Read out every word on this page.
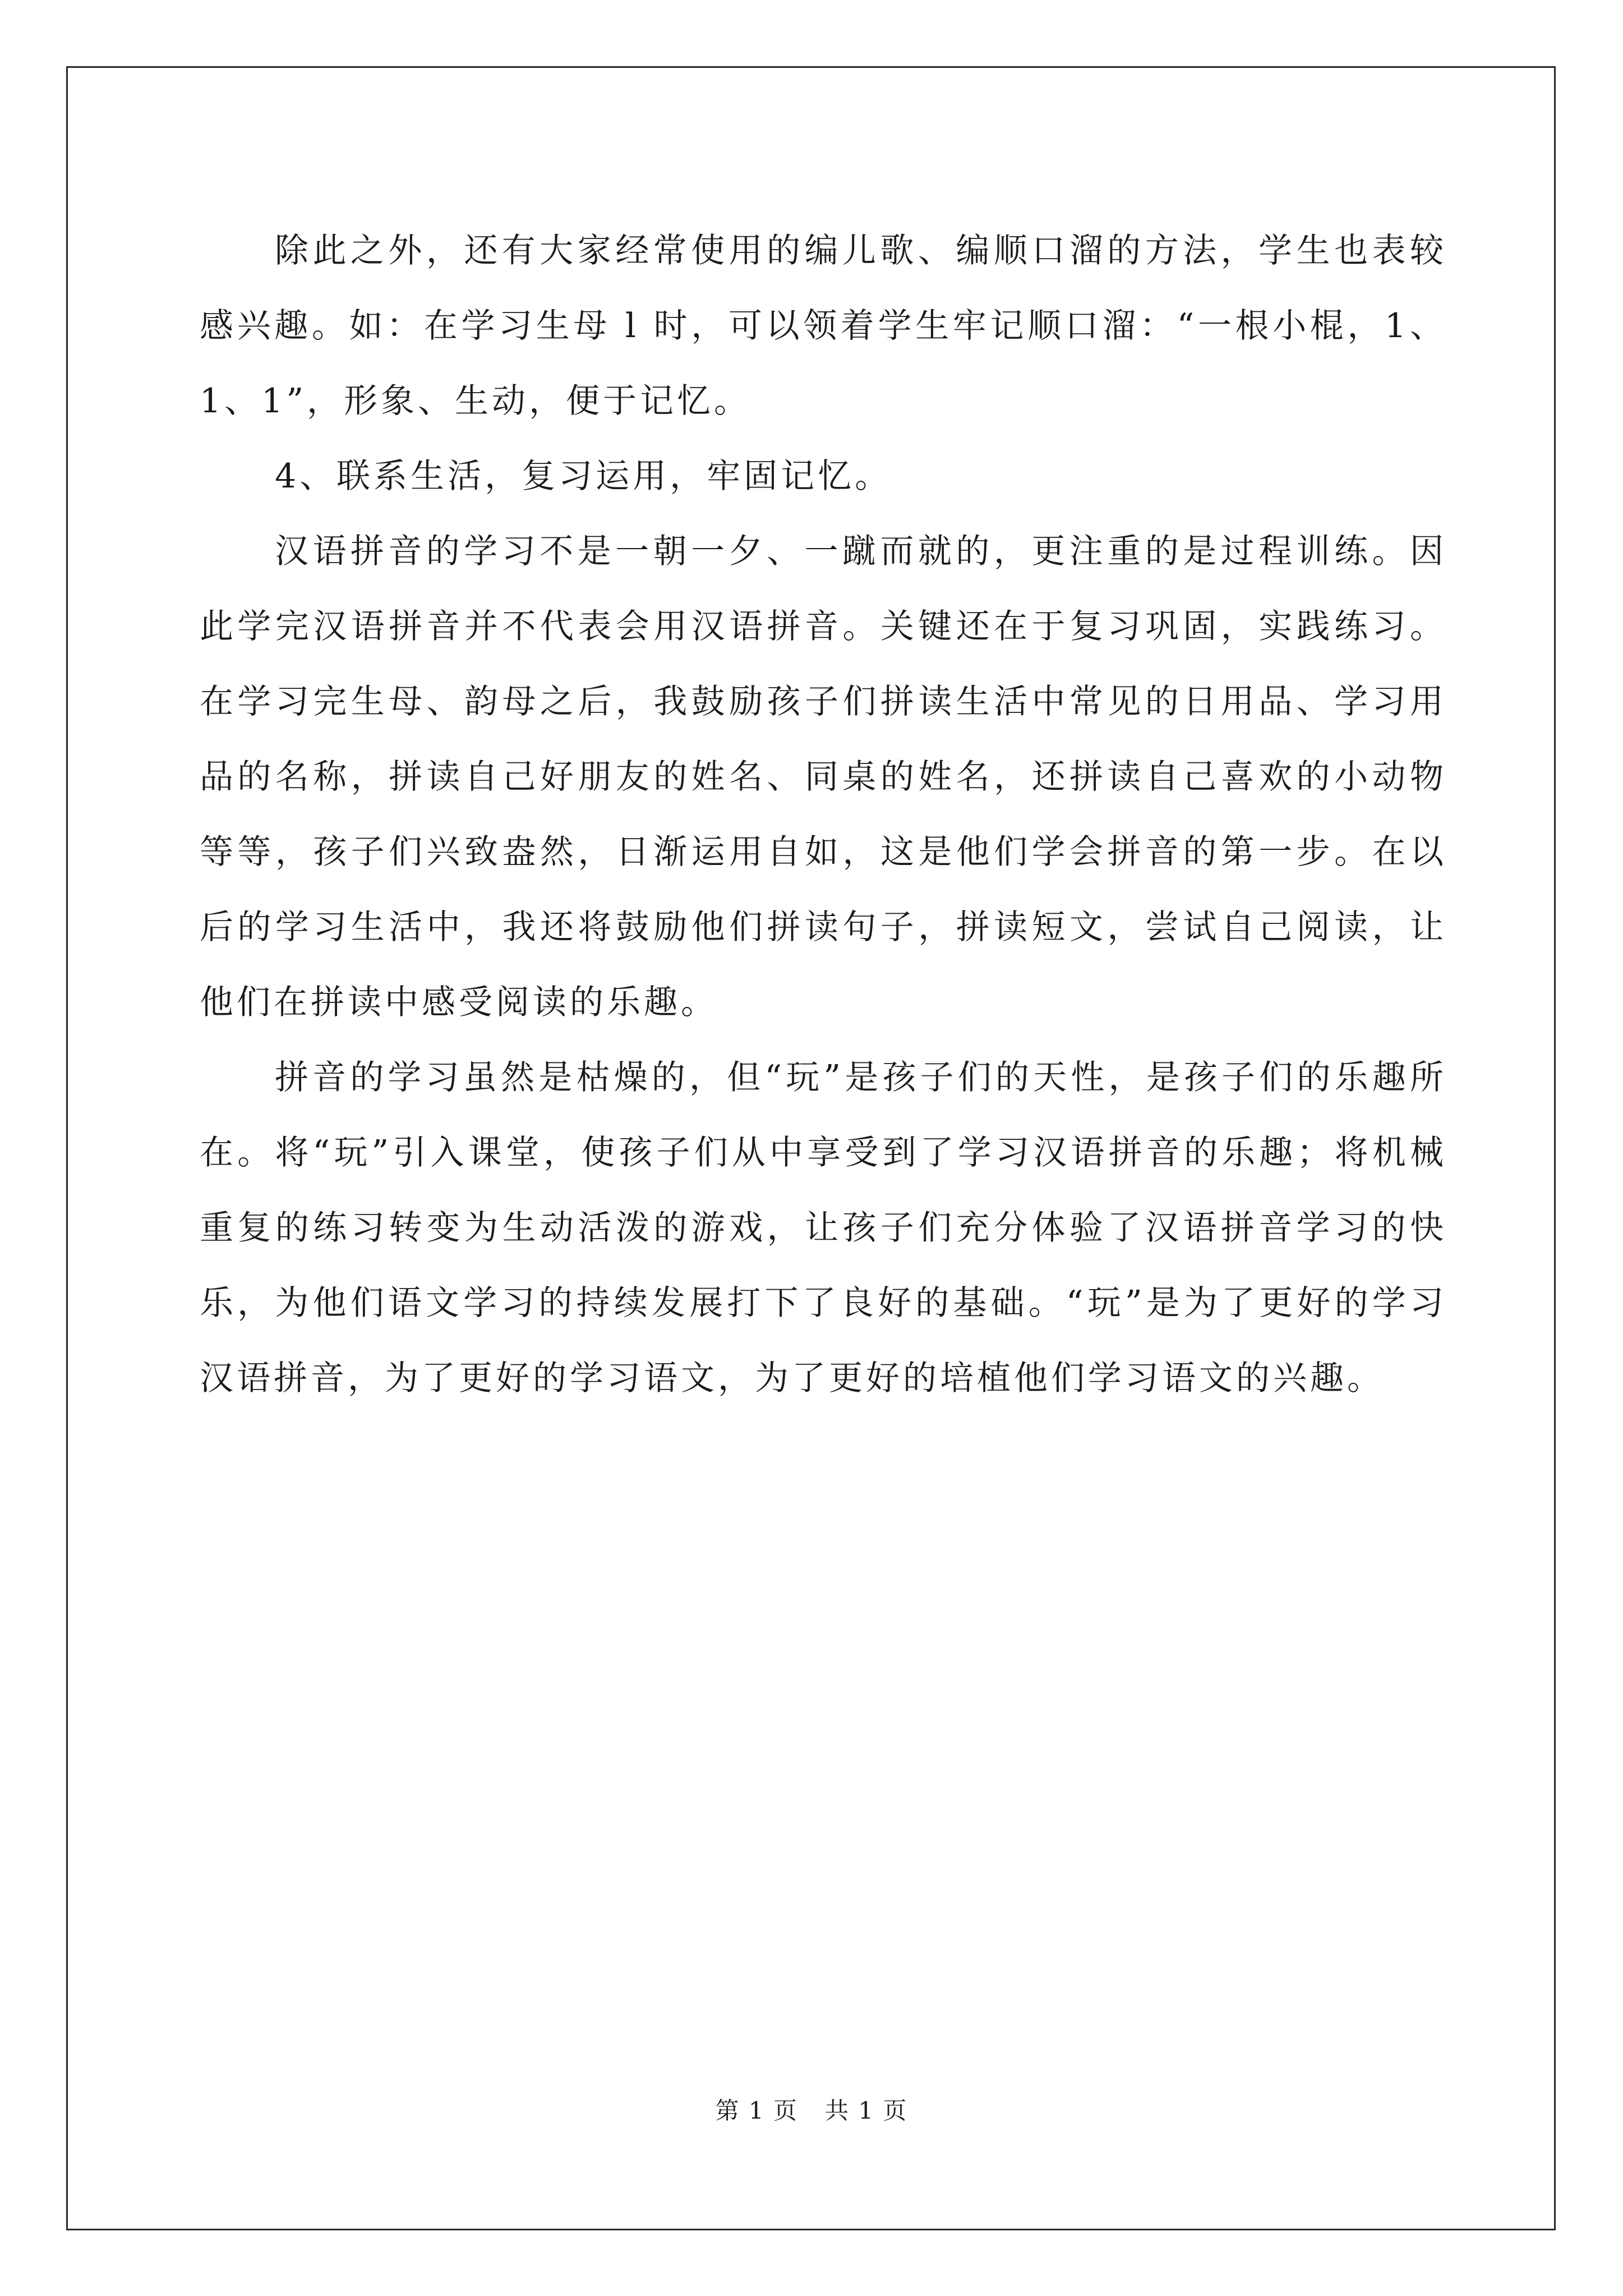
除此之外，还有大家经常使用的编儿歌、编顺口溜的方法，学生也表较感兴趣。如：在学习生母 l 时，可以领着学生牢记顺口溜：“一根小棍，1、1、1”，形象、生动，便于记忆。

4、联系生活，复习运用，牢固记忆。

汉语拼音的学习不是一朝一夕、一蹴而就的，更注重的是过程训练。因此学完汉语拼音并不代表会用汉语拼音。关键还在于复习巩固，实践练习。在学习完生母、韵母之后，我鼓励孩子们拼读生活中常见的日用品、学习用品的名称，拼读自己好朋友的姓名、同桌的姓名，还拼读自己喜欢的小动物等等，孩子们兴致盎然，日渐运用自如，这是他们学会拼音的第一步。在以后的学习生活中，我还将鼓励他们拼读句子，拼读短文，尝试自己阅读，让他们在拼读中感受阅读的乐趣。

拼音的学习虽然是枯燥的，但“玩”是孩子们的天性，是孩子们的乐趣所在。将“玩”引入课堂，使孩子们从中享受到了学习汉语拼音的乐趣；将机械重复的练习转变为生动活泼的游戏，让孩子们充分体验了汉语拼音学习的快乐，为他们语文学习的持续发展打下了良好的基础。“玩”是为了更好的学习汉语拼音，为了更好的学习语文，为了更好的培植他们学习语文的兴趣。

第 1 页 共 1 页
